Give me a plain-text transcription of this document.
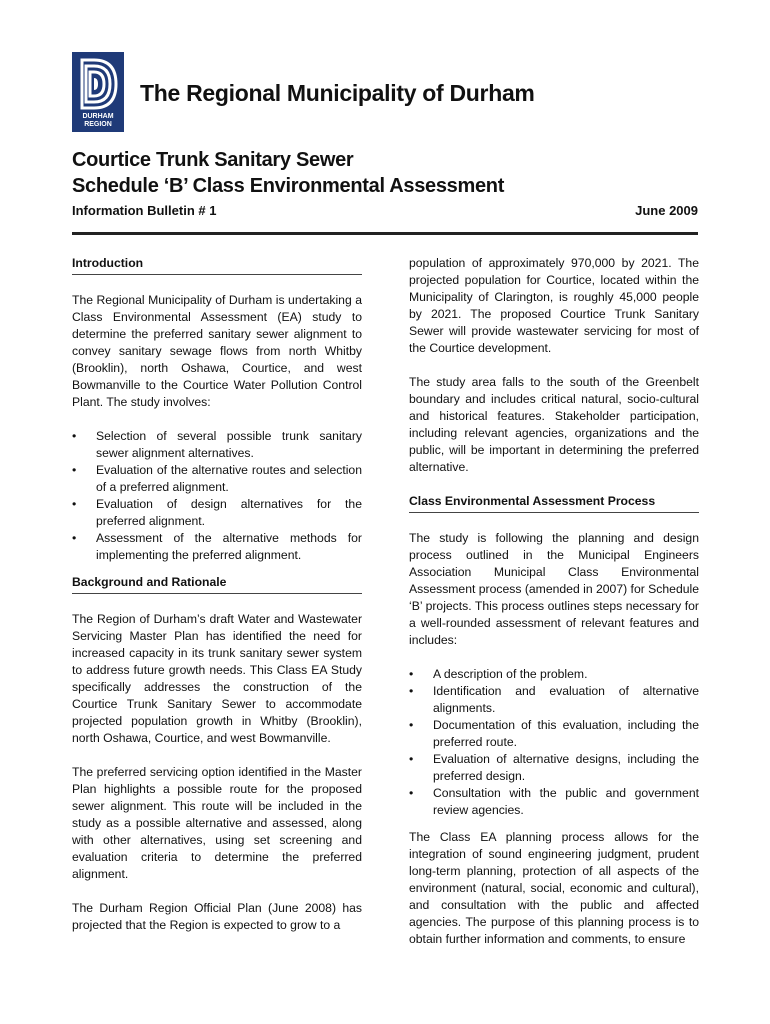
DURHAM
REGION
The Regional Municipality of Durham
Courtice Trunk Sanitary Sewer
Schedule ‘B’ Class Environmental Assessment
Information Bulletin # 1	June 2009
Introduction

The Regional Municipality of Durham is undertaking a Class Environmental Assessment (EA) study to determine the preferred sanitary sewer alignment to convey sanitary sewage flows from north Whitby (Brooklin), north Oshawa, Courtice, and west Bowmanville to the Courtice Water Pollution Control Plant. The study involves:

• Selection of several possible trunk sanitary sewer alignment alternatives.
• Evaluation of the alternative routes and selection of a preferred alignment.
• Evaluation of design alternatives for the preferred alignment.
• Assessment of the alternative methods for implementing the preferred alignment.
Background and Rationale

The Region of Durham’s draft Water and Wastewater Servicing Master Plan has identified the need for increased capacity in its trunk sanitary sewer system to address future growth needs. This Class EA Study specifically addresses the construction of the Courtice Trunk Sanitary Sewer to accommodate projected population growth in Whitby (Brooklin), north Oshawa, Courtice, and west Bowmanville.

The preferred servicing option identified in the Master Plan highlights a possible route for the proposed sewer alignment. This route will be included in the study as a possible alternative and assessed, along with other alternatives, using set screening and evaluation criteria to determine the preferred alignment.

The Durham Region Official Plan (June 2008) has projected that the Region is expected to grow to a

population of approximately 970,000 by 2021. The projected population for Courtice, located within the Municipality of Clarington, is roughly 45,000 people by 2021. The proposed Courtice Trunk Sanitary Sewer will provide wastewater servicing for most of the Courtice development.

The study area falls to the south of the Greenbelt boundary and includes critical natural, socio-cultural and historical features. Stakeholder participation, including relevant agencies, organizations and the public, will be important in determining the preferred alternative.

Class Environmental Assessment Process

The study is following the planning and design process outlined in the Municipal Engineers Association Municipal Class Environmental Assessment process (amended in 2007) for Schedule ‘B’ projects. This process outlines steps necessary for a well-rounded assessment of relevant features and includes:

• A description of the problem.
• Identification and evaluation of alternative alignments.
• Documentation of this evaluation, including the preferred route.
• Evaluation of alternative designs, including the preferred design.
• Consultation with the public and government review agencies.

The Class EA planning process allows for the integration of sound engineering judgment, prudent long-term planning, protection of all aspects of the environment (natural, social, economic and cultural), and consultation with the public and affected agencies. The purpose of this planning process is to obtain further information and comments, to ensure
